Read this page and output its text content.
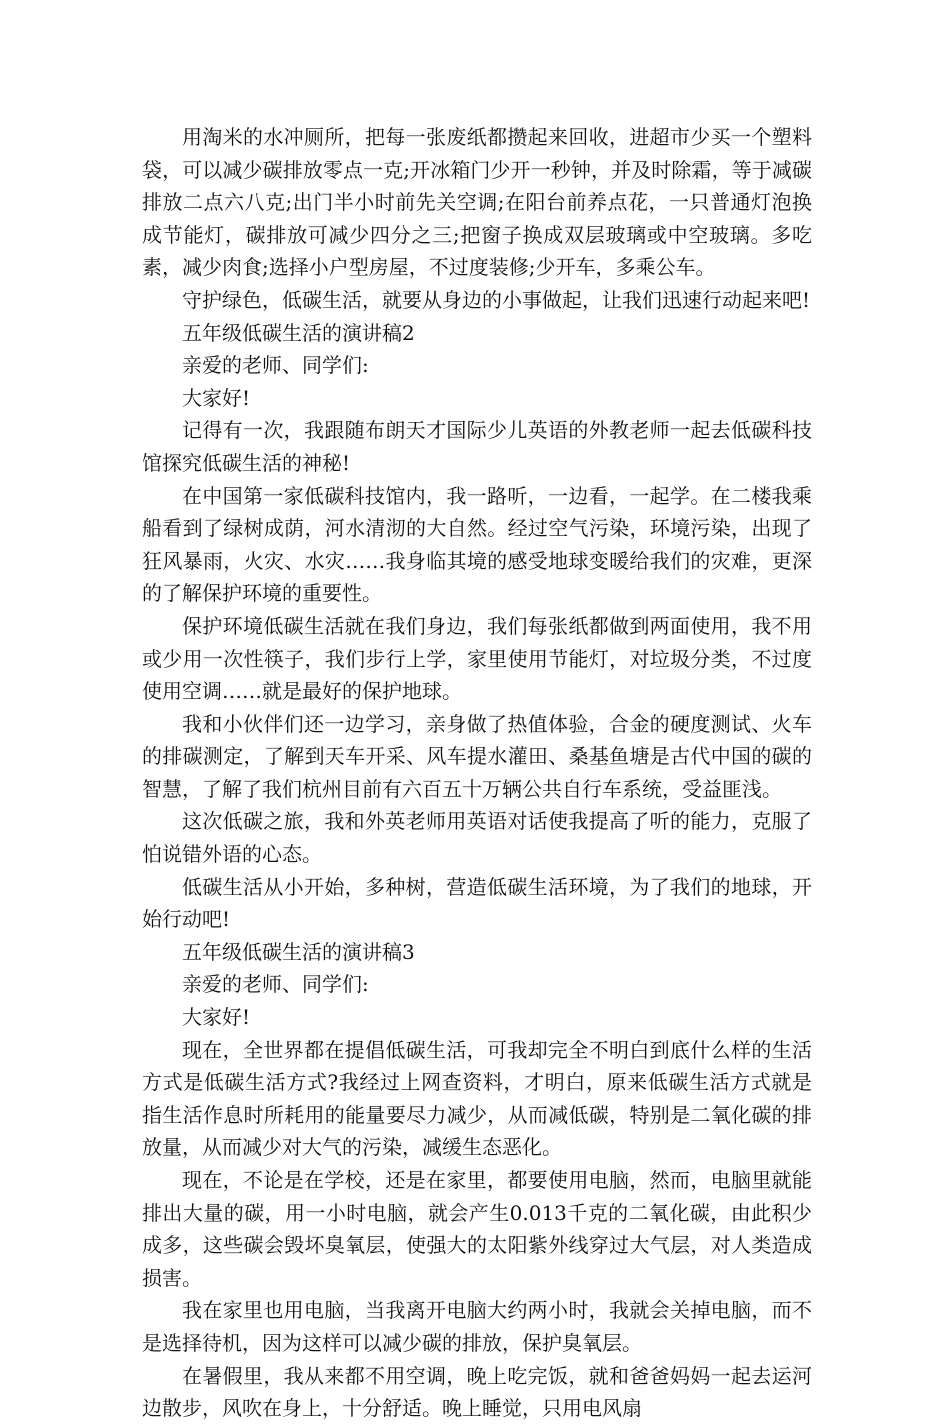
用淘米的水冲厕所，把每一张废纸都攒起来回收，进超市少买一个塑料袋，可以减少碳排放零点一克;开冰箱门少开一秒钟，并及时除霜，等于减碳排放二点六八克;出门半小时前先关空调;在阳台前养点花，一只普通灯泡换成节能灯，碳排放可减少四分之三;把窗子换成双层玻璃或中空玻璃。多吃素，减少肉食;选择小户型房屋，不过度装修;少开车，多乘公车。

守护绿色，低碳生活，就要从身边的小事做起，让我们迅速行动起来吧!

五年级低碳生活的演讲稿2

亲爱的老师、同学们:

大家好!

记得有一次，我跟随布朗天才国际少儿英语的外教老师一起去低碳科技馆探究低碳生活的神秘!

在中国第一家低碳科技馆内，我一路听，一边看，一起学。在二楼我乘船看到了绿树成荫，河水清沏的大自然。经过空气污染，环境污染，出现了狂风暴雨，火灾、水灾……我身临其境的感受地球变暖给我们的灾难，更深的了解保护环境的重要性。

保护环境低碳生活就在我们身边，我们每张纸都做到两面使用，我不用或少用一次性筷子，我们步行上学，家里使用节能灯，对垃圾分类，不过度使用空调……就是最好的保护地球。

我和小伙伴们还一边学习，亲身做了热值体验，合金的硬度测试、火车的排碳测定，了解到天车开采、风车提水灌田、桑基鱼塘是古代中国的碳的智慧，了解了我们杭州目前有六百五十万辆公共自行车系统，受益匪浅。

这次低碳之旅，我和外英老师用英语对话使我提高了听的能力，克服了怕说错外语的心态。

低碳生活从小开始，多种树，营造低碳生活环境，为了我们的地球，开始行动吧!

五年级低碳生活的演讲稿3

亲爱的老师、同学们:

大家好!

现在，全世界都在提倡低碳生活，可我却完全不明白到底什么样的生活方式是低碳生活方式?我经过上网查资料，才明白，原来低碳生活方式就是指生活作息时所耗用的能量要尽力减少，从而减低碳，特别是二氧化碳的排放量，从而减少对大气的污染，减缓生态恶化。

现在，不论是在学校，还是在家里，都要使用电脑，然而，电脑里就能排出大量的碳，用一小时电脑，就会产生0.013千克的二氧化碳，由此积少成多，这些碳会毁坏臭氧层，使强大的太阳紫外线穿过大气层，对人类造成损害。

我在家里也用电脑，当我离开电脑大约两小时，我就会关掉电脑，而不是选择待机，因为这样可以减少碳的排放，保护臭氧层。

在暑假里，我从来都不用空调，晚上吃完饭，就和爸爸妈妈一起去运河边散步，风吹在身上，十分舒适。晚上睡觉，只用电风扇
